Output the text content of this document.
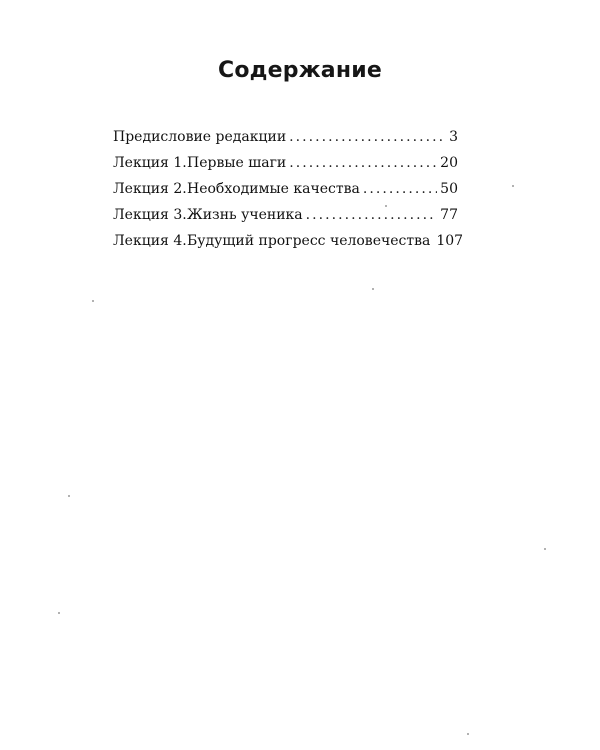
Содержание
Предисловие редакции . . .	3
Лекция 1. Первые шаги . . .	20
Лекция 2. Необходимые качества . . .	50
Лекция 3. Жизнь ученика . . .	77
Лекция 4. Будущий прогресс человечества 107
